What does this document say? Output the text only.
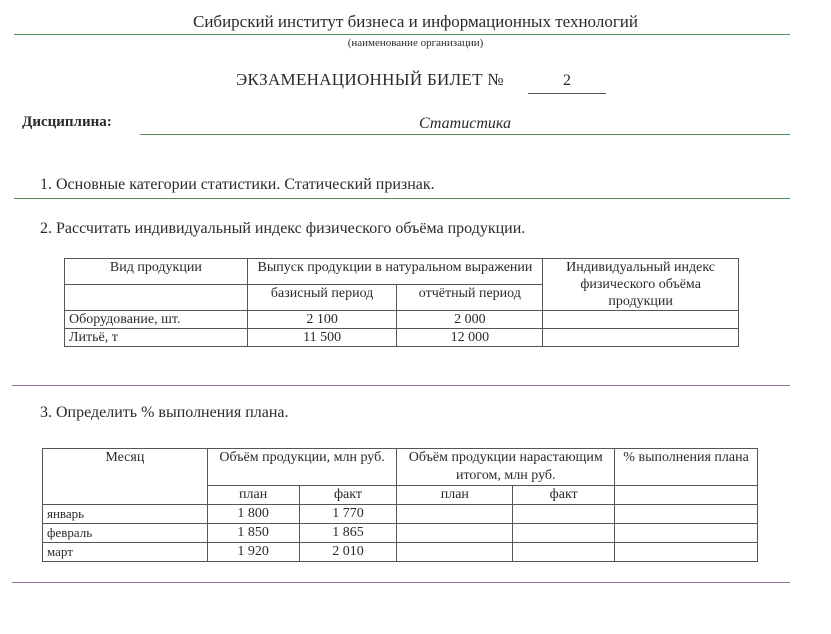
Сибирский институт бизнеса и информационных технологий
(наименование организации)
ЭКЗАМЕНАЦИОННЫЙ БИЛЕТ №	2
Дисциплина:	Статистика
1. Основные категории статистики. Статический признак.
2. Рассчитать индивидуальный индекс физического объёма продукции.
Вид продукции	Выпуск продукции в натуральном выражении		Индивидуальный индекс физического объёма продукции

	базисный период	отчётный период	
Оборудование, шт.	2 100	2 000	
Литьё, т	11 500	12 000	
3. Определить % выполнения плана.
Месяц	Объём продукции, млн руб.		Объём продукции нарастающим итогом, млн руб.		% выполнения плана

	план	факт	план	факт	
январь	1 800	1 770			
февраль	1 850	1 865			
март	1 920	2 010			
